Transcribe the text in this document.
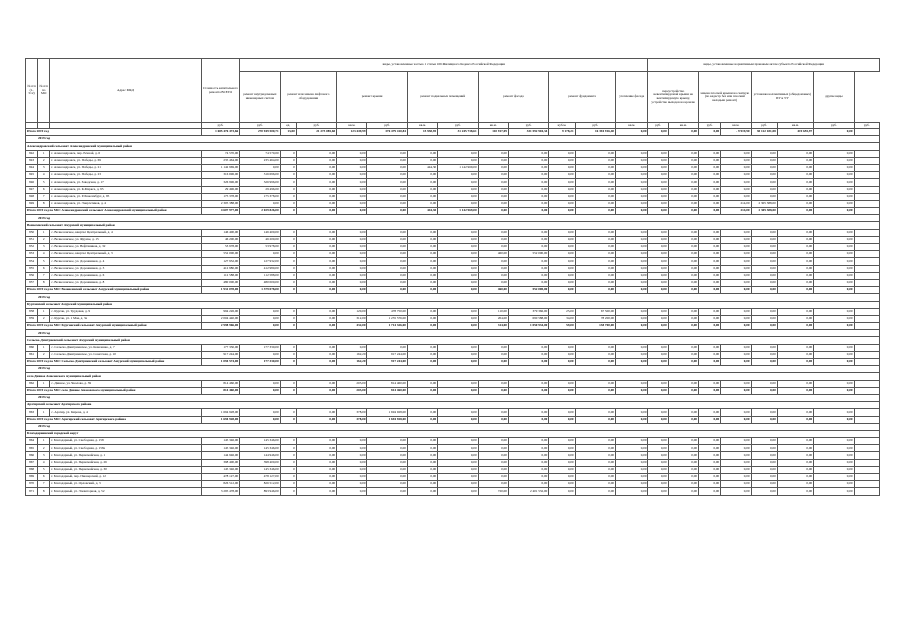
№ п/п (1-512)	№ п/п по МО	Адрес МКД	Стоимость капитального ремонта ВСЕГО	виды, установленные частью 1 статьи 166 Жилищного Кодекса Российской Федерации												виды, установленные нормативным правовым актом субъекта Российской Федерации							
				ремонт внутридомовых инженерных систем	ремонт или замена лифтового оборудования		ремонт крыши		ремонт подвальных помещений		ремонт фасада		ремонт фундамента		утепление фасада	переустройство невентилируемой крыши на вентилируемую крышу, устройство выходов на кровлю		замена плоской крыши на скатную (по кадастр без или плоский вкладыш ремонт)		установка коллективных (общедомовых) ПУ и УУ		другие виды	
			руб.	руб.	ед.	руб.	кв.м.	руб.	кв.м.	руб.	кв.м.	руб.	куб.м.	руб.	кв.м.	руб.	кв.м.	руб.	кв.м.	руб.	кв.м.	руб.	руб.
Итого 2019 год			1 685 476 473,66	270 949 500,71	13,00	21 273 085,60	123 449,99	376 479 410,84	15 938,95	31 245 738,61	110 917,09	331 592 904,34	9 178,21	16 394 916,40	0,00	0,00	0,00	0,00	- 9 919,90	30 122 181,08	419 655,97	0,00	
2019 год																							
Александровский сельсовет Александровский муниципальный район																							
842	1	г. Александровск, пер. Речной, д. 6	74 570,00	74 570,00	0	0,00	0,00	0,00	0,00	0,00	0,00	0,00	0,00	0,00	0,00	0,00	0,00	0,00	0,00	0,00	0,00	0,00	
843	2	г. Александровск, ул. Победы, д. 69	235 464,00	235 464,00	0	0,00	0,00	0,00	0,00	0,00	0,00	0,00	0,00	0,00	0,00	0,00	0,00	0,00	0,00	0,00	0,00	0,00	
844	3	г. Александровск, ул. Победы, д. 21	1 142 969,00	0,00	0	0,00	0,00	0,00	444,30	1 142 969,00	0,00	0,00	0,00	0,00	0,00	0,00	0,00	0,00	0,00	0,00	0,00	0,00	
845	4	г. Александровск, ул. Победы, д. 23	316 696,00	316 696,00	0	0,00	0,00	0,00	0,00	0,00	0,00	0,00	0,00	0,00	0,00	0,00	0,00	0,00	0,00	0,00	0,00	0,00	
846	5	г. Александровск, ул. Заводская, д. 17	326 996,00	326 996,00	0	0,00	0,00	0,00	0,00	0,00	0,00	0,00	0,00	0,00	0,00	0,00	0,00	0,00	0,00	0,00	0,00	0,00	
847	6	г. Александровск, ул. К.Маркса, д. 95	29 496,00	29 496,00	0	0,00	0,00	0,00	0,00	0,00	0,00	0,00	0,00	0,00	0,00	0,00	0,00	0,00	0,00	0,00	0,00	0,00	
848	7	г. Александровск, ул. Р.Люксембург, д. 95	175 378,00	175 378,00	0	0,00	0,00	0,00	0,00	0,00	0,00	0,00	0,00	0,00	0,00	0,00	0,00	0,00	0,00	0,00	0,00	0,00	
849	8	г. Александровск, ул. Энергетиков, д. 4	2 305 388,00	0,00	0	0,00	0,00	0,00	0,00	0,00	0,00	0,00	0,00	0,00	0,00	0,00	0,00	0,00	214,00	2 305 388,00	0,00	0,00	
Итого 2019 год по МО: Александровский сельсовет Александровский муниципальный район			4 607 977,00	2 029 826,00	0	0,00	0,00	0,00	444,30	1 142 969,00	0,00	0,00	0,00	0,00	0,00	0,00	0,00	0,00	214,00	2 305 388,00	0,00	0,00	
2019 год																							
Вознесенский сельсовет Амурский муниципальный район																							
850	1	с. Вознесенское, квартал Центральный, д. 4	146 400,00	146 400,00	0	0,00	0,00	0,00	0,00	0,00	0,00	0,00	0,00	0,00	0,00	0,00	0,00	0,00	0,00	0,00	0,00	0,00	
851	2	с. Вознесенское, ул. Фрунзе, д. 15	46 200,00	46 200,00	0	0,00	0,00	0,00	0,00	0,00	0,00	0,00	0,00	0,00	0,00	0,00	0,00	0,00	0,00	0,00	0,00	0,00	
852	3	с. Вознесенское, ул. Нефтяников, д. 32	53 978,00	53 978,00	0	0,00	0,00	0,00	0,00	0,00	0,00	0,00	0,00	0,00	0,00	0,00	0,00	0,00	0,00	0,00	0,00	0,00	
853	4	с. Вознесенское, квартал Центральный, д. 3	552 000,00	0,00	0	0,00	0,00	0,00	0,00	0,00	460,00	552 000,00	0,00	0,00	0,00	0,00	0,00	0,00	0,00	0,00	0,00	0,00	
854	5	с. Вознесенское, ул. Дорожников, д. 4	127 932,00	127 932,00	0	0,00	0,00	0,00	0,00	0,00	0,00	0,00	0,00	0,00	0,00	0,00	0,00	0,00	0,00	0,00	0,00	0,00	
855	6	с. Вознесенское, ул. Дорожников, д. 3	412 980,00	412 980,00	0	0,00	0,00	0,00	0,00	0,00	0,00	0,00	0,00	0,00	0,00	0,00	0,00	0,00	0,00	0,00	0,00	0,00	
856	7	с. Вознесенское, ул. Дорожников, д. 6	112 588,00	112 588,00	0	0,00	0,00	0,00	0,00	0,00	0,00	0,00	0,00	0,00	0,00	0,00	0,00	0,00	0,00	0,00	0,00	0,00	
857	8	с. Вознесенское, ул. Дорожников, д. 8	480 000,00	480 000,00	0	0,00	0,00	0,00	0,00	0,00	0,00	0,00	0,00	0,00	0,00	0,00	0,00	0,00	0,00	0,00	0,00	0,00	
Итого 2019 год по МО: Вознесенский сельсовет Амурский муниципальный район			1 931 078,00	1 379 078,00	0	0,00	0,00	0,00	0,00	0,00	460,00	552 000,00	0,00	0,00	0,00	0,00	0,00	0,00	0,00	0,00	0,00	0,00	
2019 год																							
Курганский сельсовет Амурский муниципальный район																							
858	1	с. Курган, ул. Трудовая, д. 9	994 226,00	0,00	0	0,00	120,00	478 750,00	0,00	0,00	110,00	379 366,00	25,00	67 500,00	0,00	0,00	0,00	0,00	0,00	0,00	0,00	0,00	
859	2	с. Курган, ул. 1 Мая, д. 3а	2 004 440,00	0,00	0	0,00	312,00	1 235 576,00	0,00	0,00	204,00	690 588,00	34,00	78 200,00	0,00	0,00	0,00	0,00	0,00	0,00	0,00	0,00	
Итого 2019 год по МО: Курганский сельсовет Амурский муниципальный район			2 998 966,00	0,00	0	0,00	432,00	1 714 326,00	0,00	0,00	314,00	1 050 934,00	59,00	138 700,00	0,00	0,00	0,00	0,00	0,00	0,00	0,00	0,00	
2019 год																							
Сельско-Дмитриевский сельсовет Амурский муниципальный район																							
860	1	с. Сельско-Дмитриевское, ул. Коваленко, д. 7	177 330,00	177 330,00	0	0,00	0,00	0,00	0,00	0,00	0,00	0,00	0,00	0,00	0,00	0,00	0,00	0,00	0,00	0,00	0,00	0,00	
861	2	с. Сельско-Дмитриевское, ул. Советская, д. 10	917 244,00	0,00	0	0,00	162,20	917 244,00	0,00	0,00	0,00	0,00	0,00	0,00	0,00	0,00	0,00	0,00	0,00	0,00	0,00	0,00	
Итого 2019 год по МО: Сельско-Дмитриевский сельсовет Амурский муниципальный район			1 094 574,00	177 330,00	0	0,00	162,20	917 244,00	0,00	0,00	0,00	0,00	0,00	0,00	0,00	0,00	0,00	0,00	0,00	0,00	0,00	0,00	
2019 год																							
село Дивное Амасовского муниципальный район																							
862	1	с. Дивное, ул. Чкалова, д. 39	814 460,00	0,00	0	0,00	203,00	814 460,00	0,00	0,00	0,00	0,00	0,00	0,00	0,00	0,00	0,00	0,00	0,00	0,00	0,00	0,00	
Итого 2019 год по МО: село Дивное Амасовского муниципальный район			814 460,00	0,00	0	0,00	203,00	814 460,00	0,00	0,00	0,00	0,00	0,00	0,00	0,00	0,00	0,00	0,00	0,00	0,00	0,00	0,00	
2019 год																							
Арзгирский сельсовет Арзгирского района																							
863	1	с. Арзгир, ул. Кирова, д. 4	1 694 928,00	0,00	0	0,00	378,00	1 694 928,00	0,00	0,00	0,00	0,00	0,00	0,00	0,00	0,00	0,00	0,00	0,00	0,00	0,00	0,00	
Итого 2019 год по МО: Арзгирский сельсовет Арзгирского района			1 694 928,00	0,00	0	0,00	378,00	1 694 928,00	0,00	0,00	0,00	0,00	0,00	0,00	0,00	0,00	0,00	0,00	0,00	0,00	0,00	0,00	
2019 год																							
Благодарненский городской округ																							
864	1	г. Благодарный, ул. Свободная, д. 158	145 346,00	145 346,00	0	0,00	0,00	0,00	0,00	0,00	0,00	0,00	0,00	0,00	0,00	0,00	0,00	0,00	0,00	0,00	0,00	0,00	
865	2	г. Благодарный, ул. Свободная, д. 158а	145 346,00	145 346,00	0	0,00	0,00	0,00	0,00	0,00	0,00	0,00	0,00	0,00	0,00	0,00	0,00	0,00	0,00	0,00	0,00	0,00	
866	3	г. Благодарный, ул. Первомайская, д. 1	144 946,00	144 946,00	0	0,00	0,00	0,00	0,00	0,00	0,00	0,00	0,00	0,00	0,00	0,00	0,00	0,00	0,00	0,00	0,00	0,00	
867	4	г. Благодарный, ул. Первомайская, д. 26	398 400,00	398 400,00	0	0,00	0,00	0,00	0,00	0,00	0,00	0,00	0,00	0,00	0,00	0,00	0,00	0,00	0,00	0,00	0,00	0,00	
868	5	г. Благодарный, ул. Первомайская, д. 30	145 346,00	145 346,00	0	0,00	0,00	0,00	0,00	0,00	0,00	0,00	0,00	0,00	0,00	0,00	0,00	0,00	0,00	0,00	0,00	0,00	
869	6	г. Благодарный, пер. Пионерский, д. 12	478 127,00	478 127,00	0	0,00	0,00	0,00	0,00	0,00	0,00	0,00	0,00	0,00	0,00	0,00	0,00	0,00	0,00	0,00	0,00	0,00	
870	7	г. Благодарный, ул. Орловский, д. 3	826 512,00	826 512,00	0	0,00	0,00	0,00	0,00	0,00	0,00	0,00	0,00	0,00	0,00	0,00	0,00	0,00	0,00	0,00	0,00	0,00	
871	8	г. Благодарный, ул. Элеваторная, д. 52	3 295 478,00	893 946,00	0	0,00	0,00	0,00	0,00	0,00	720,00	2 401 532,00	0,00	0,00	0,00	0,00	0,00	0,00	0,00	0,00	0,00	0,00	
